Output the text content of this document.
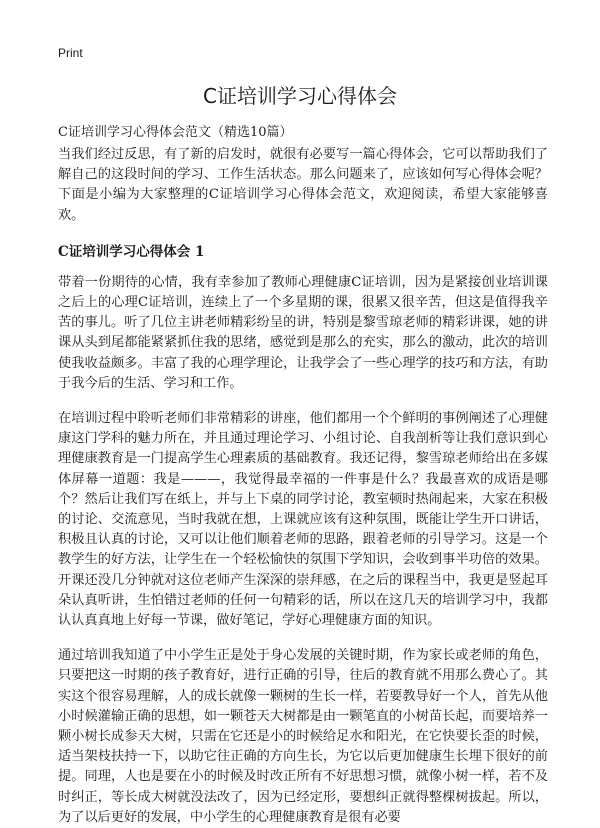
Print
C证培训学习心得体会

C证培训学习心得体会范文（精选10篇）

当我们经过反思，有了新的启发时，就很有必要写一篇心得体会，它可以帮助我们了解自己的这段时间的学习、工作生活状态。那么问题来了，应该如何写心得体会呢？下面是小编为大家整理的C证培训学习心得体会范文，欢迎阅读，希望大家能够喜欢。

C证培训学习心得体会 1

带着一份期待的心情，我有幸参加了教师心理健康C证培训，因为是紧接创业培训课之后上的心理C证培训，连续上了一个多星期的课，很累又很辛苦，但这是值得我辛苦的事儿。听了几位主讲老师精彩纷呈的讲，特别是黎雪琼老师的精彩讲课，她的讲课从头到尾都能紧紧抓住我的思绪，感觉到是那么的充实，那么的激动，此次的培训使我收益颇多。丰富了我的心理学理论，让我学会了一些心理学的技巧和方法，有助于我今后的生活、学习和工作。

在培训过程中聆听老师们非常精彩的讲座，他们都用一个个鲜明的事例阐述了心理健康这门学科的魅力所在，并且通过理论学习、小组讨论、自我剖析等让我们意识到心理健康教育是一门提高学生心理素质的基础教育。我还记得，黎雪琼老师给出在多媒体屏幕一道题：我是———，我觉得最幸福的一件事是什么？我最喜欢的成语是哪个？然后让我们写在纸上，并与上下桌的同学讨论，教室顿时热闹起来，大家在积极的讨论、交流意见，当时我就在想，上课就应该有这种氛围，既能让学生开口讲话，积极且认真的讨论，又可以让他们顺着老师的思路，跟着老师的引导学习。这是一个教学生的好方法，让学生在一个轻松愉快的氛围下学知识，会收到事半功倍的效果。开课还没几分钟就对这位老师产生深深的崇拜感，在之后的课程当中，我更是竖起耳朵认真听讲，生怕错过老师的任何一句精彩的话，所以在这几天的培训学习中，我都认认真真地上好每一节课，做好笔记，学好心理健康方面的知识。

通过培训我知道了中小学生正是处于身心发展的关键时期，作为家长或老师的角色，只要把这一时期的孩子教育好，进行正确的引导，往后的教育就不用那么费心了。其实这个很容易理解，人的成长就像一颗树的生长一样，若要教导好一个人，首先从他小时候灌输正确的思想，如一颗苍天大树都是由一颗笔直的小树苗长起，而要培养一颗小树长成参天大树，只需在它还是小的时候给足水和阳光，在它快要长歪的时候，适当架枝扶持一下，以助它往正确的方向生长，为它以后更加健康生长埋下很好的前提。同理，人也是要在小的时候及时改正所有不好思想习惯，就像小树一样，若不及时纠正，等长成大树就没法改了，因为已经定形，要想纠正就得整棵树拔起。所以，为了以后更好的发展，中小学生的心理健康教育是很有必要
